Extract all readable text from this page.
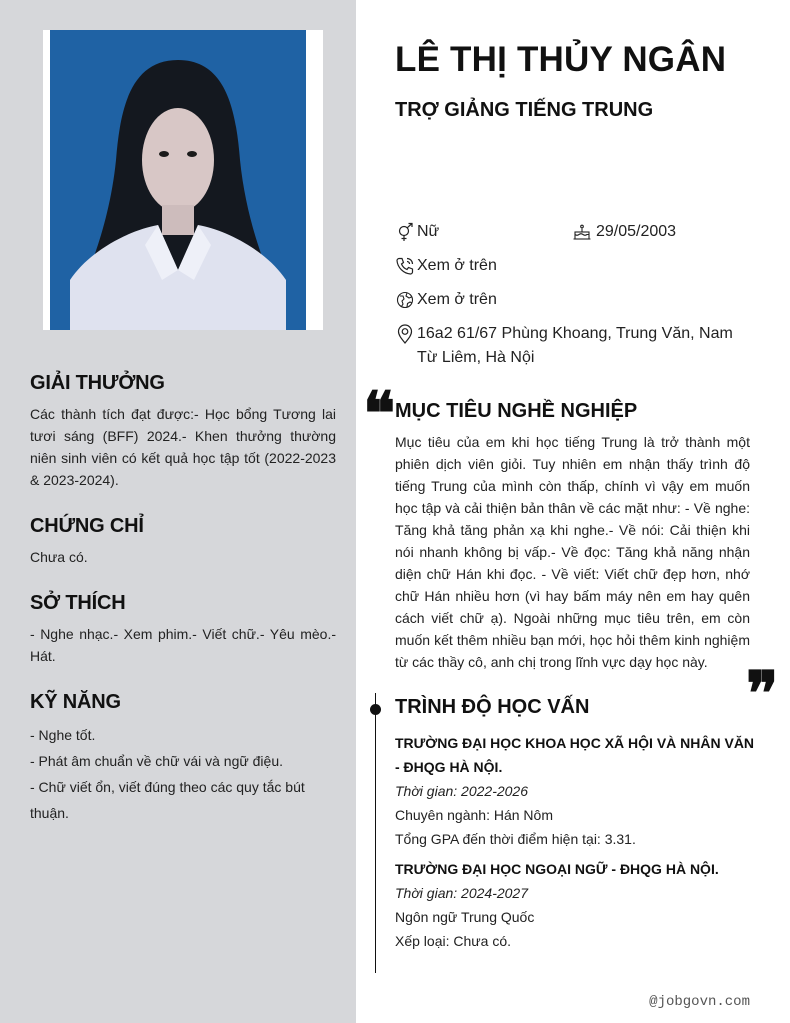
GIẢI THƯỞNG
Các thành tích đạt được:- Học bổng Tương lai tươi sáng (BFF) 2024.- Khen thưởng thường niên sinh viên có kết quả học tập tốt (2022-2023 & 2023-2024).
CHỨNG CHỈ
Chưa có.
SỞ THÍCH
- Nghe nhạc.- Xem phim.- Viết chữ.- Yêu mèo.- Hát.
KỸ NĂNG
- Nghe tốt.
- Phát âm chuẩn về chữ vái và ngữ điệu.
- Chữ viết ổn, viết đúng theo các quy tắc bút thuận.
LÊ THỊ THỦY NGÂN
TRỢ GIẢNG TIẾNG TRUNG
Nữ	29/05/2003
Xem ở trên
Xem ở trên
16a2 61/67 Phùng Khoang, Trung Văn, Nam Từ Liêm, Hà Nội
❝ MỤC TIÊU NGHỀ NGHIỆP
Mục tiêu của em khi học tiếng Trung là trở thành một phiên dịch viên giỏi. Tuy nhiên em nhận thấy trình độ tiếng Trung của mình còn thấp, chính vì vậy em muốn học tập và cải thiện bản thân về các mặt như: - Về nghe: Tăng khả tăng phản xạ khi nghe.- Về nói: Cải thiện khi nói nhanh không bị vấp.- Về đọc: Tăng khả năng nhận diện chữ Hán khi đọc. - Về viết: Viết chữ đẹp hơn, nhớ chữ Hán nhiều hơn (vì hay bấm máy nên em hay quên cách viết chữ ạ). Ngoài những mục tiêu trên, em còn muốn kết thêm nhiều bạn mới, học hỏi thêm kinh nghiệm từ các thầy cô, anh chị trong lĩnh vực dạy học này. ❞
TRÌNH ĐỘ HỌC VẤN
TRƯỜNG ĐẠI HỌC KHOA HỌC XÃ HỘI VÀ NHÂN VĂN - ĐHQG HÀ NỘI.
Thời gian: 2022-2026
Chuyên ngành: Hán Nôm
Tổng GPA đến thời điểm hiện tại: 3.31.
TRƯỜNG ĐẠI HỌC NGOẠI NGỮ - ĐHQG HÀ NỘI.
Thời gian: 2024-2027
Ngôn ngữ Trung Quốc
Xếp loại: Chưa có.
@jobgovn.com
